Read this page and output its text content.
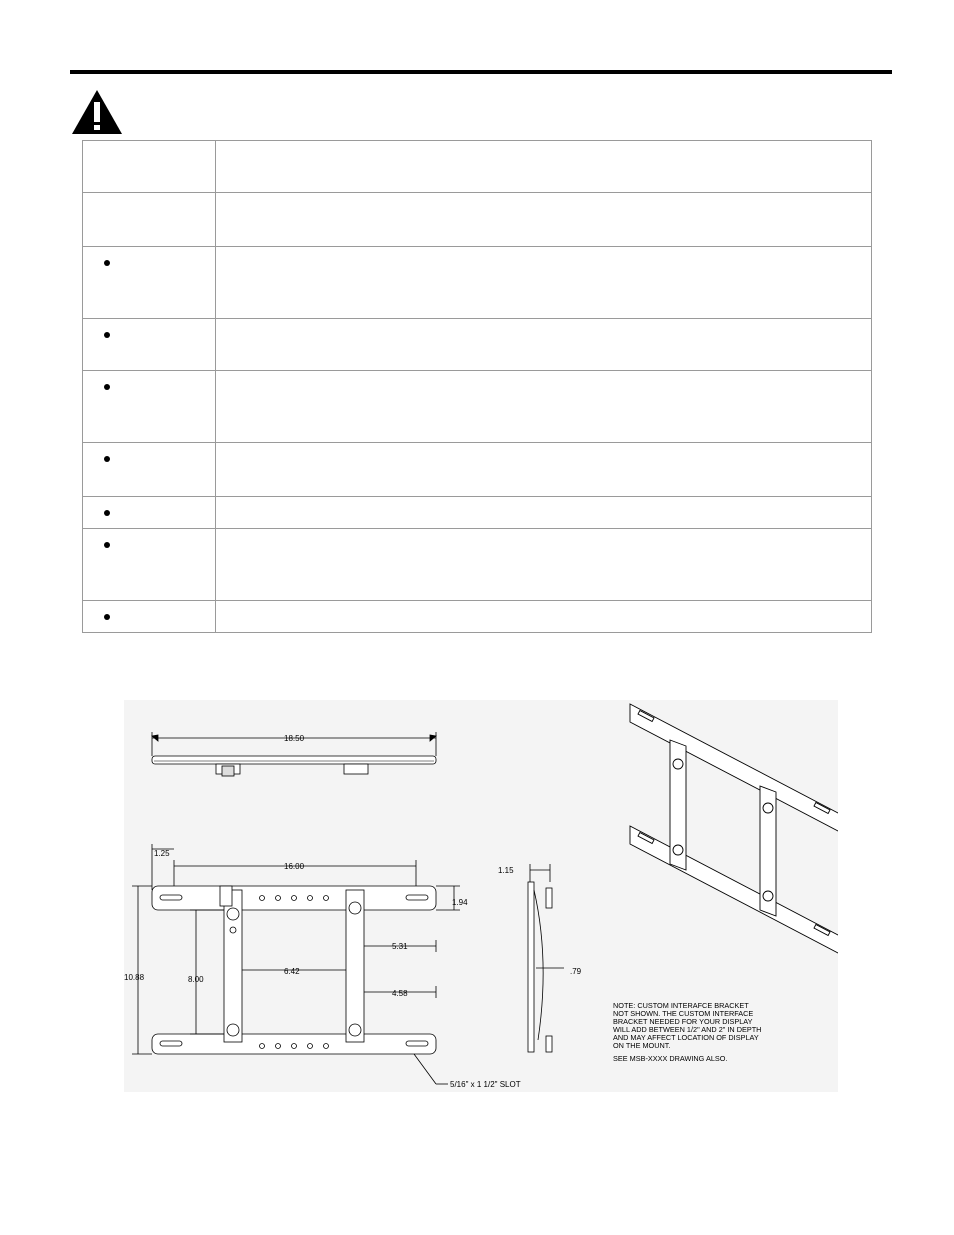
18.50
1.25
16.00
10.88	8.00
1.94
5.31
6.42
4.58
5/16" x 1 1/2" SLOT
1.15
.79

NOTE: CUSTOM INTERAFCE BRACKET

NOT SHOWN. THE CUSTOM INTERFACE

BRACKET NEEDED FOR YOUR DISPLAY

WILL ADD BETWEEN 1/2" AND 2" IN DEPTH

AND MAY AFFECT LOCATION OF DISPLAY

ON THE MOUNT.

SEE MSB-XXXX DRAWING ALSO.
